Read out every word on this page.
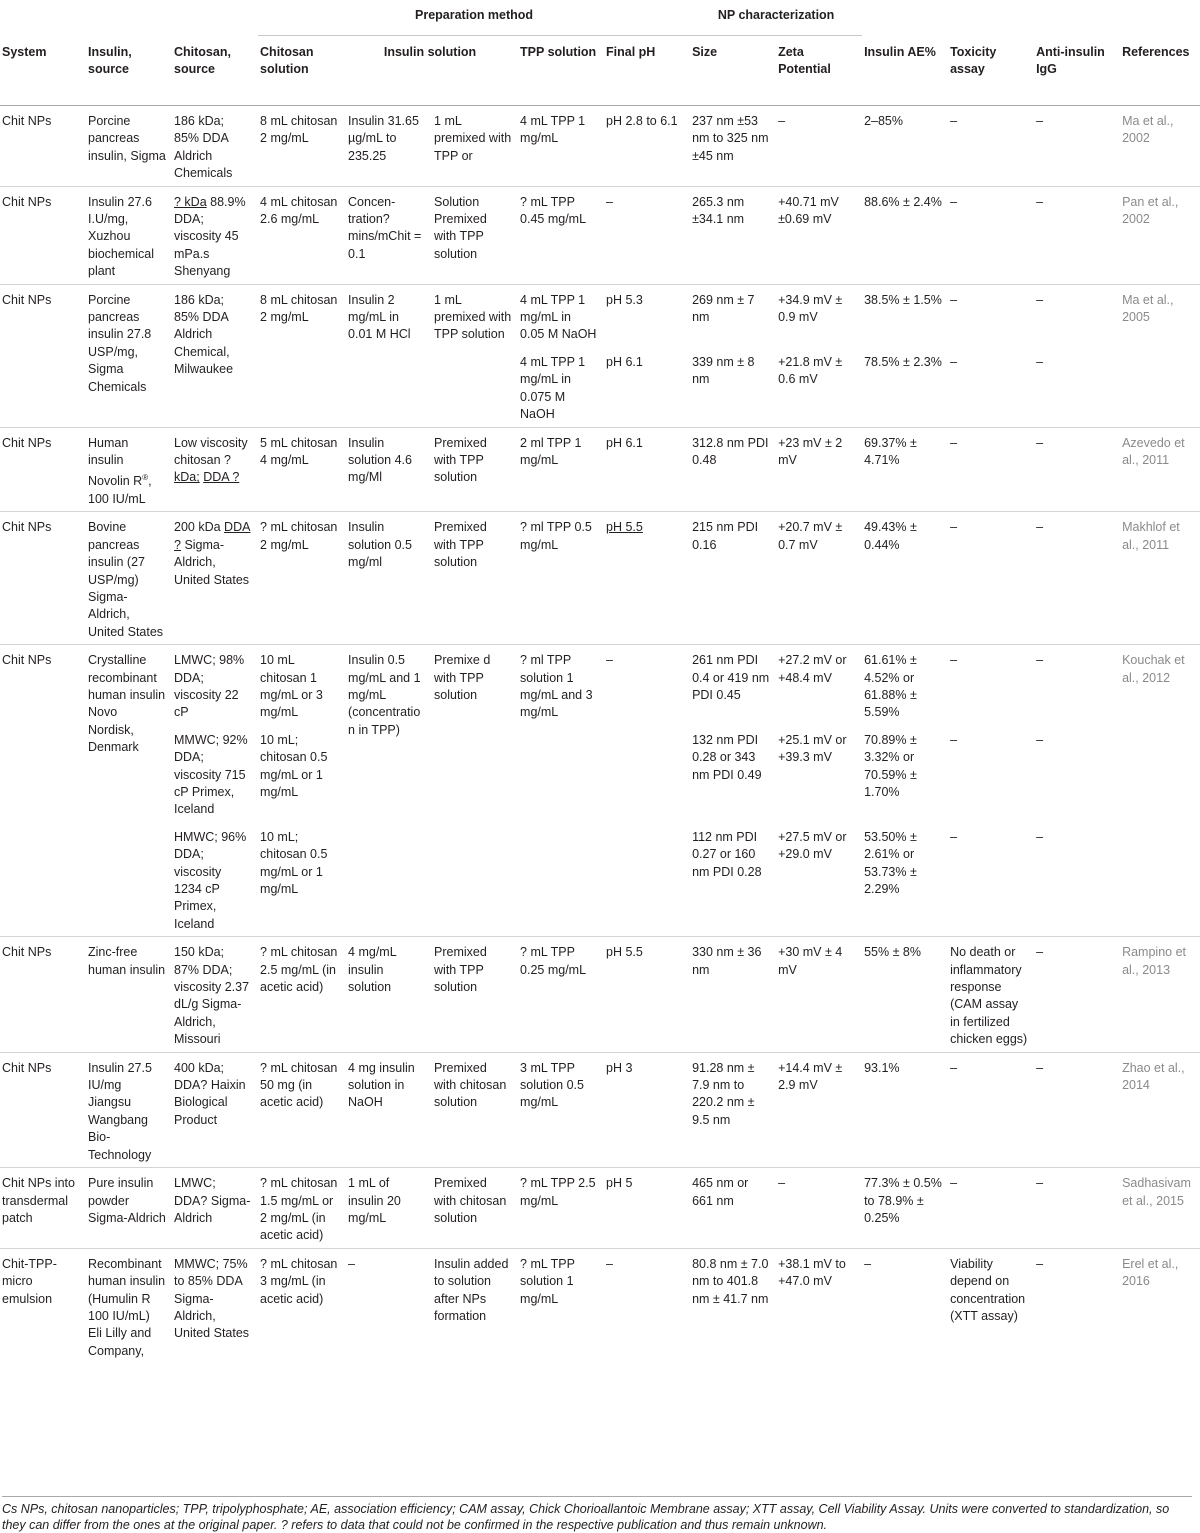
			Preparation method					NP characterization					
System	Insulin, source	Chitosan, source	Chitosan solution	Insulin solution		TPP solution	Final pH	Size	Zeta Potential	Insulin AE%	Toxicity assay	Anti-insulin IgG	References
Chit NPs	Porcine pancreas insulin, Sigma	186 kDa; 85% DDA Aldrich Chemicals	8 mL chitosan 2 mg/mL	Insulin 31.65 µg/mL to 235.25	1 mL premixed with TPP or	4 mL TPP 1 mg/mL	pH 2.8 to 6.1	237 nm ±53 nm to 325 nm ±45 nm	–	2–85%	–	–	Ma et al., 2002
Chit NPs	Insulin 27.6 I.U/mg, Xuzhou biochemical plant	? kDa 88.9% DDA; viscosity 45 mPa.s Shenyang	4 mL chitosan 2.6 mg/mL	Concen-tration? mins/mChit = 0.1	Solution Premixed with TPP solution	? mL TPP 0.45 mg/mL	–	265.3 nm ±34.1 nm	+40.71 mV ±0.69 mV	88.6% ± 2.4%	–	–	Pan et al., 2002
Chit NPs	Porcine pancreas insulin 27.8 USP/mg, Sigma Chemicals	186 kDa; 85% DDA Aldrich Chemical, Milwaukee	8 mL chitosan 2 mg/mL	Insulin 2 mg/mL in 0.01 M HCl	1 mL premixed with TPP solution	4 mL TPP 1 mg/mL in 0.05 M NaOH	pH 5.3	269 nm ± 7 nm	+34.9 mV ± 0.9 mV	38.5% ± 1.5%	–	–	Ma et al., 2005
						4 mL TPP 1 mg/mL in 0.075 M NaOH	pH 6.1	339 nm ± 8 nm	+21.8 mV ± 0.6 mV	78.5% ± 2.3%	–	–	
Chit NPs	Human insulin Novolin R®, 100 IU/mL	Low viscosity chitosan ? kDa; DDA ?	5 mL chitosan 4 mg/mL	Insulin solution 4.6 mg/Ml	Premixed with TPP solution	2 ml TPP 1 mg/mL	pH 6.1	312.8 nm PDI 0.48	+23 mV ± 2 mV	69.37% ± 4.71%	–	–	Azevedo et al., 2011
Chit NPs	Bovine pancreas insulin (27 USP/mg) Sigma-Aldrich, United States	200 kDa DDA ? Sigma-Aldrich, United States	? mL chitosan 2 mg/mL	Insulin solution 0.5 mg/ml	Premixed with TPP solution	? ml TPP 0.5 mg/mL	pH 5.5	215 nm PDI 0.16	+20.7 mV ± 0.7 mV	49.43% ± 0.44%	–	–	Makhlof et al., 2011
Chit NPs	Crystalline recombinant human insulin Novo Nordisk, Denmark	LMWC; 98% DDA; viscosity 22 cP	10 mL chitosan 1 mg/mL or 3 mg/mL	Insulin 0.5 mg/mL and 1 mg/mL (concentration in TPP)	Premixe d with TPP solution	? ml TPP solution 1 mg/mL and 3 mg/mL	–	261 nm PDI 0.4 or 419 nm PDI 0.45	+27.2 mV or +48.4 mV	61.61% ± 4.52% or 61.88% ± 5.59%	–	–	Kouchak et al., 2012
		MMWC; 92% DDA; viscosity 715 cP Primex, Iceland	10 mL; chitosan 0.5 mg/mL or 1 mg/mL					132 nm PDI 0.28 or 343 nm PDI 0.49	+25.1 mV or +39.3 mV	70.89% ± 3.32% or 70.59% ± 1.70%	–	–	
		HMWC; 96% DDA; viscosity 1234 cP Primex, Iceland	10 mL; chitosan 0.5 mg/mL or 1 mg/mL					112 nm PDI 0.27 or 160 nm PDI 0.28	+27.5 mV or +29.0 mV	53.50% ± 2.61% or 53.73% ± 2.29%	–	–	
Chit NPs	Zinc-free human insulin	150 kDa; 87% DDA; viscosity 2.37 dL/g Sigma-Aldrich, Missouri	? mL chitosan 2.5 mg/mL (in acetic acid)	4 mg/mL insulin solution	Premixed with TPP solution	? mL TPP 0.25 mg/mL	pH 5.5	330 nm ± 36 nm	+30 mV ± 4 mV	55% ± 8%	No death or inflammatory response (CAM assay in fertilized chicken eggs)	–	Rampino et al., 2013
Chit NPs	Insulin 27.5 IU/mg Jiangsu Wangbang Bio-Technology	400 kDa; DDA? Haixin Biological Product	? mL chitosan 50 mg (in acetic acid)	4 mg insulin solution in NaOH	Premixed with chitosan solution	3 mL TPP solution 0.5 mg/mL	pH 3	91.28 nm ± 7.9 nm to 220.2 nm ± 9.5 nm	+14.4 mV ± 2.9 mV	93.1%	–	–	Zhao et al., 2014
Chit NPs into transdermal patch	Pure insulin powder Sigma-Aldrich	LMWC; DDA? Sigma-Aldrich	? mL chitosan 1.5 mg/mL or 2 mg/mL (in acetic acid)	1 mL of insulin 20 mg/mL	Premixed with chitosan solution	? mL TPP 2.5 mg/mL	pH 5	465 nm or 661 nm	–	77.3% ± 0.5% to 78.9% ± 0.25%	–	–	Sadhasivam et al., 2015
Chit-TPP-micro emulsion	Recombinant human insulin (Humulin R 100 IU/mL) Eli Lilly and Company,	MMWC; 75% to 85% DDA Sigma-Aldrich, United States	? mL chitosan 3 mg/mL (in acetic acid)	–	Insulin added to solution after NPs formation	? mL TPP solution 1 mg/mL	–	80.8 nm ± 7.0 nm to 401.8 nm ± 41.7 nm	+38.1 mV to +47.0 mV	–	Viability depend on concentration (XTT assay)	–	Erel et al., 2016
Cs NPs, chitosan nanoparticles; TPP, tripolyphosphate; AE, association efficiency; CAM assay, Chick Chorioallantoic Membrane assay; XTT assay, Cell Viability Assay. Units were converted to standardization, so they can differ from the ones at the original paper. ? refers to data that could not be confirmed in the respective publication and thus remain unknown.
